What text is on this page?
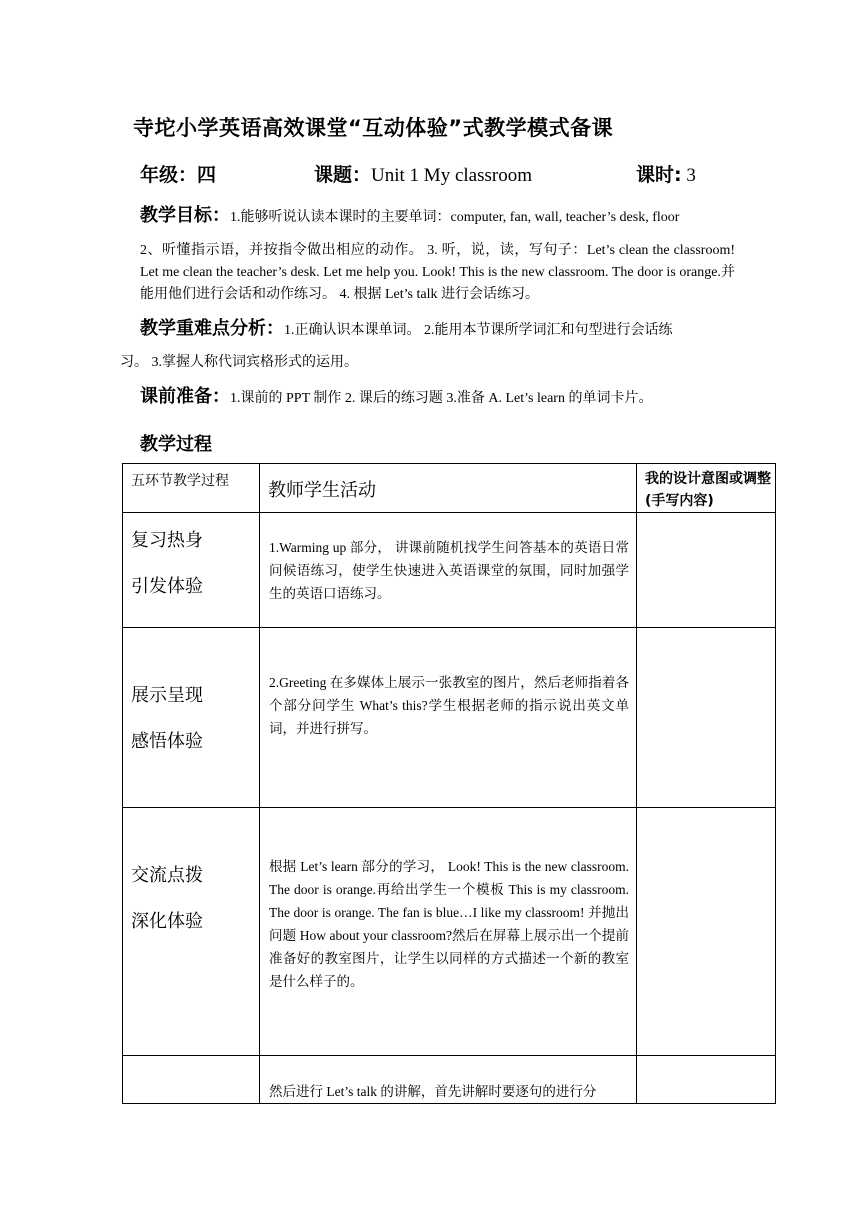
寺坨小学英语高效课堂“互动体验”式教学模式备课
年级：四	课题：Unit 1 My classroom	课时: 3
教学目标：1.能够听说认读本课时的主要单词：computer, fan, wall, teacher’s desk, floor
2、听懂指示语，并按指令做出相应的动作。 3. 听，说，读，写句子：Let’s clean the classroom! Let me clean the teacher’s desk. Let me help you. Look! This is the new classroom. The door is orange.并能用他们进行会话和动作练习。 4. 根据 Let’s talk 进行会话练习。
教学重难点分析：1.正确认识本课单词。 2.能用本节课所学词汇和句型进行会话练
习。 3.掌握人称代词宾格形式的运用。
课前准备：1.课前的 PPT 制作 2. 课后的练习题 3.准备 A. Let’s learn 的单词卡片。
教学过程
五环节教学过程	教师学生活动	我的设计意图或调整(手写内容)

复习热身
引发体验	1.Warming up 部分， 讲课前随机找学生问答基本的英语日常问候语练习，使学生快速进入英语课堂的氛围，同时加强学生的英语口语练习。	

展示呈现
感悟体验	2.Greeting 在多媒体上展示一张教室的图片，然后老师指着各个部分问学生 What’s this?学生根据老师的指示说出英文单词，并进行拼写。	

交流点拨
深化体验	根据 Let’s learn 部分的学习， Look! This is the new classroom. The door is orange.再给出学生一个模板 This is my classroom. The door is orange. The fan is blue…I like my classroom! 并抛出问题 How about your classroom?然后在屏幕上展示出一个提前准备好的教室图片，让学生以同样的方式描述一个新的教室是什么样子的。	

	然后进行 Let’s talk 的讲解，首先讲解时要逐句的进行分	
